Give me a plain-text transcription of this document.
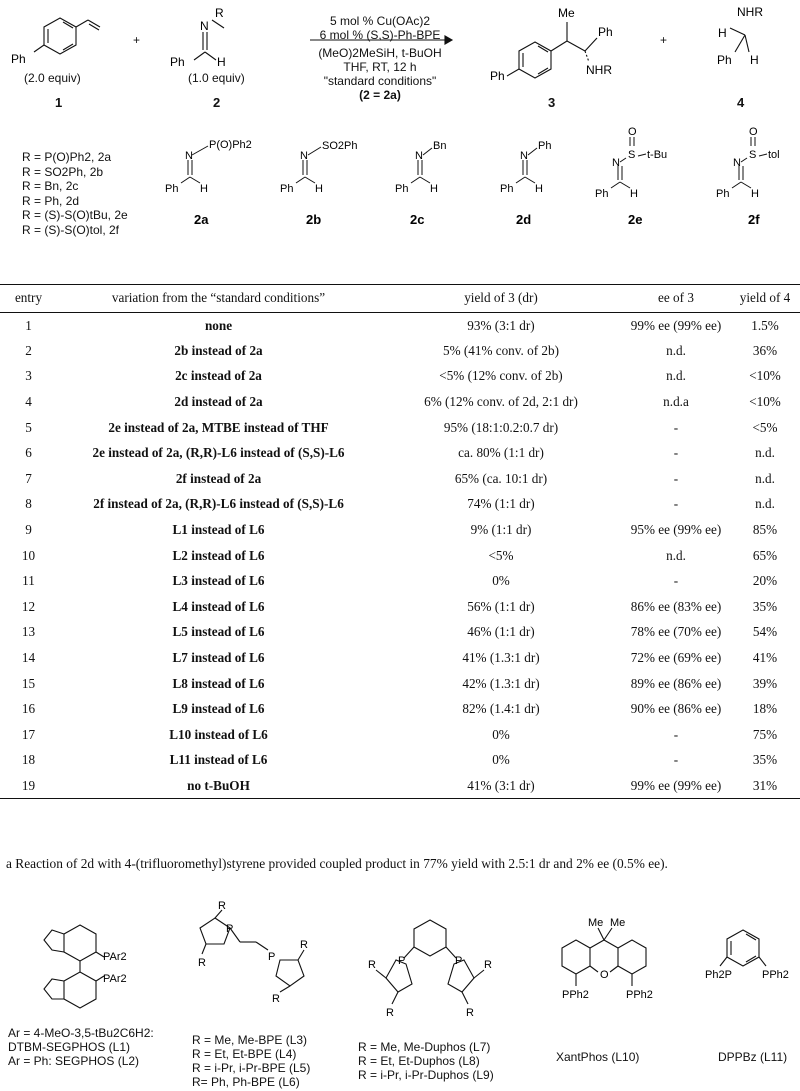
Ph
R
N
Ph	H
Ph
Me
Ph
NHR
NHR
H
Ph H
(2.0 equiv)
1
+
(1.0 equiv)
2
5 mol % Cu(OAc)2
6 mol % (S,S)-Ph-BPE
(MeO)2MeSiH, t-BuOH
THF, RT, 12 h
"standard conditions"
(2 = 2a)	3
+
4
R = P(O)Ph2, 2a
R = SO2Ph, 2b
R = Bn, 2c
R = Ph, 2d
R = (S)-S(O)tBu, 2e
R = (S)-S(O)tol, 2f
N
P(O)Ph2
Ph H
N
SO2Ph
Ph H
N
Bn
Ph H
N
Ph
Ph H
O
S
N
t-Bu
Ph H
O
S
N
tol
Ph H
2a	2b	2c	2d	2e	2f
entry	variation from the “standard conditions”	yield of 3 (dr)	ee of 3	yield of 4
1	none	93% (3:1 dr)	99% ee (99% ee)	1.5%
2	2b instead of 2a	5% (41% conv. of 2b)	n.d.	36%
3	2c instead of 2a	<5% (12% conv. of 2b)	n.d.	<10%
4	2d instead of 2a	6% (12% conv. of 2d, 2:1 dr)	n.d.a	<10%
5	2e instead of 2a, MTBE instead of THF	95% (18:1:0.2:0.7 dr)	-	<5%
6	2e instead of 2a, (R,R)-L6 instead of (S,S)-L6	ca. 80% (1:1 dr)	-	n.d.
7	2f instead of 2a	65% (ca. 10:1 dr)	-	n.d.
8	2f instead of 2a, (R,R)-L6 instead of (S,S)-L6	74% (1:1 dr)	-	n.d.
9	L1 instead of L6	9% (1:1 dr)	95% ee (99% ee)	85%
10	L2 instead of L6	<5%	n.d.	65%
11	L3 instead of L6	0%	-	20%
12	L4 instead of L6	56% (1:1 dr)	86% ee (83% ee)	35%
13	L5 instead of L6	46% (1:1 dr)	78% ee (70% ee)	54%
14	L7 instead of L6	41% (1.3:1 dr)	72% ee (69% ee)	41%
15	L8 instead of L6	42% (1.3:1 dr)	89% ee (86% ee)	39%
16	L9 instead of L6	82% (1.4:1 dr)	90% ee (86% ee)	18%
17	L10 instead of L6	0%	-	75%
18	L11 instead of L6	0%	-	35%
19	no t-BuOH	41% (3:1 dr)	99% ee (99% ee)	31%
a Reaction of 2d with 4-(trifluoromethyl)styrene provided coupled product in 77% yield with 2.5:1 dr and 2% ee (0.5% ee).
PAr2
PAr2
R
R
P
P
R
R
P	P
R
R
R
R
Me Me
O
PPh2	PPh2
Ph2P	PPh2
Ar = 4-MeO-3,5-tBu2C6H2:
DTBM-SEGPHOS (L1)
Ar = Ph: SEGPHOS (L2)
R = Me, Me-BPE (L3)
R = Et, Et-BPE (L4)
R = i-Pr, i-Pr-BPE (L5)
R= Ph, Ph-BPE (L6)
R = Me, Me-Duphos (L7)
R = Et, Et-Duphos (L8)
R = i-Pr, i-Pr-Duphos (L9)
XantPhos (L10)	DPPBz (L11)
